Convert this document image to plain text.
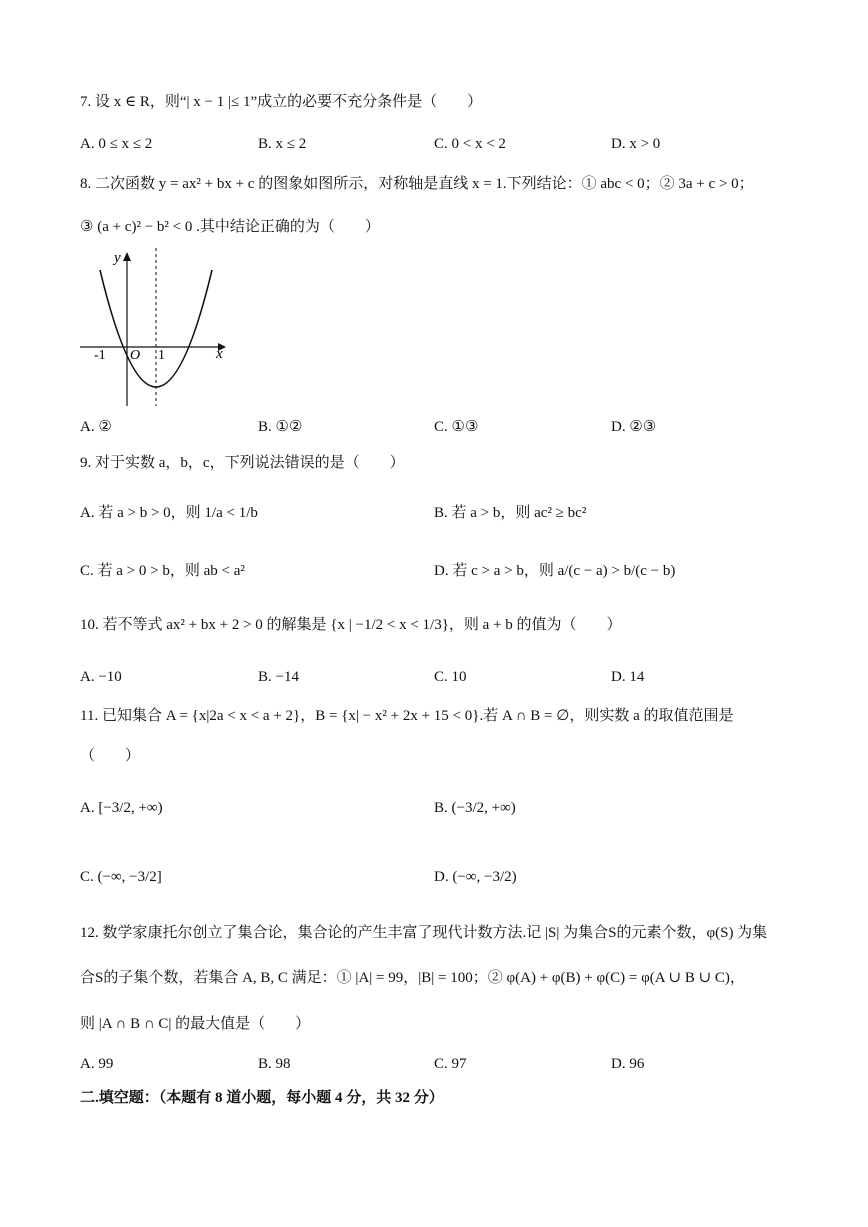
7. 设 x ∈ R，则“| x − 1 |≤ 1”成立的必要不充分条件是（　　）
A. 0 ≤ x ≤ 2	B. x ≤ 2	C. 0 < x < 2	D. x > 0
8. 二次函数 y = ax² + bx + c 的图象如图所示，对称轴是直线 x = 1.下列结论：① abc < 0；② 3a + c > 0；
③ (a + c)² − b² < 0 .其中结论正确的为（　　）
y
x
O
-1	1
A. ②	B. ①②	C. ①③	D. ②③
9. 对于实数 a，b，c，下列说法错误的是（　　）
A. 若 a > b > 0，则 1/a < 1/b	B. 若 a > b，则 ac² ≥ bc²
C. 若 a > 0 > b，则 ab < a²	D. 若 c > a > b，则 a/(c − a) > b/(c − b)
10. 若不等式 ax² + bx + 2 > 0 的解集是 {x | −1/2 < x < 1/3}，则 a + b 的值为（　　）
A. −10	B. −14	C. 10	D. 14
11. 已知集合 A = {x|2a < x < a + 2}，B = {x| − x² + 2x + 15 < 0}.若 A ∩ B = ∅，则实数 a 的取值范围是
（　　）
A. [−3/2, +∞)	B. (−3/2, +∞)
C. (−∞, −3/2]	D. (−∞, −3/2)
12. 数学家康托尔创立了集合论，集合论的产生丰富了现代计数方法.记 |S| 为集合S的元素个数，φ(S) 为集
合S的子集个数，若集合 A, B, C 满足：① |A| = 99，|B| = 100；② φ(A) + φ(B) + φ(C) = φ(A ∪ B ∪ C)，
则 |A ∩ B ∩ C| 的最大值是（　　）
A. 99	B. 98	C. 97	D. 96
二.填空题：（本题有 8 道小题，每小题 4 分，共 32 分）
